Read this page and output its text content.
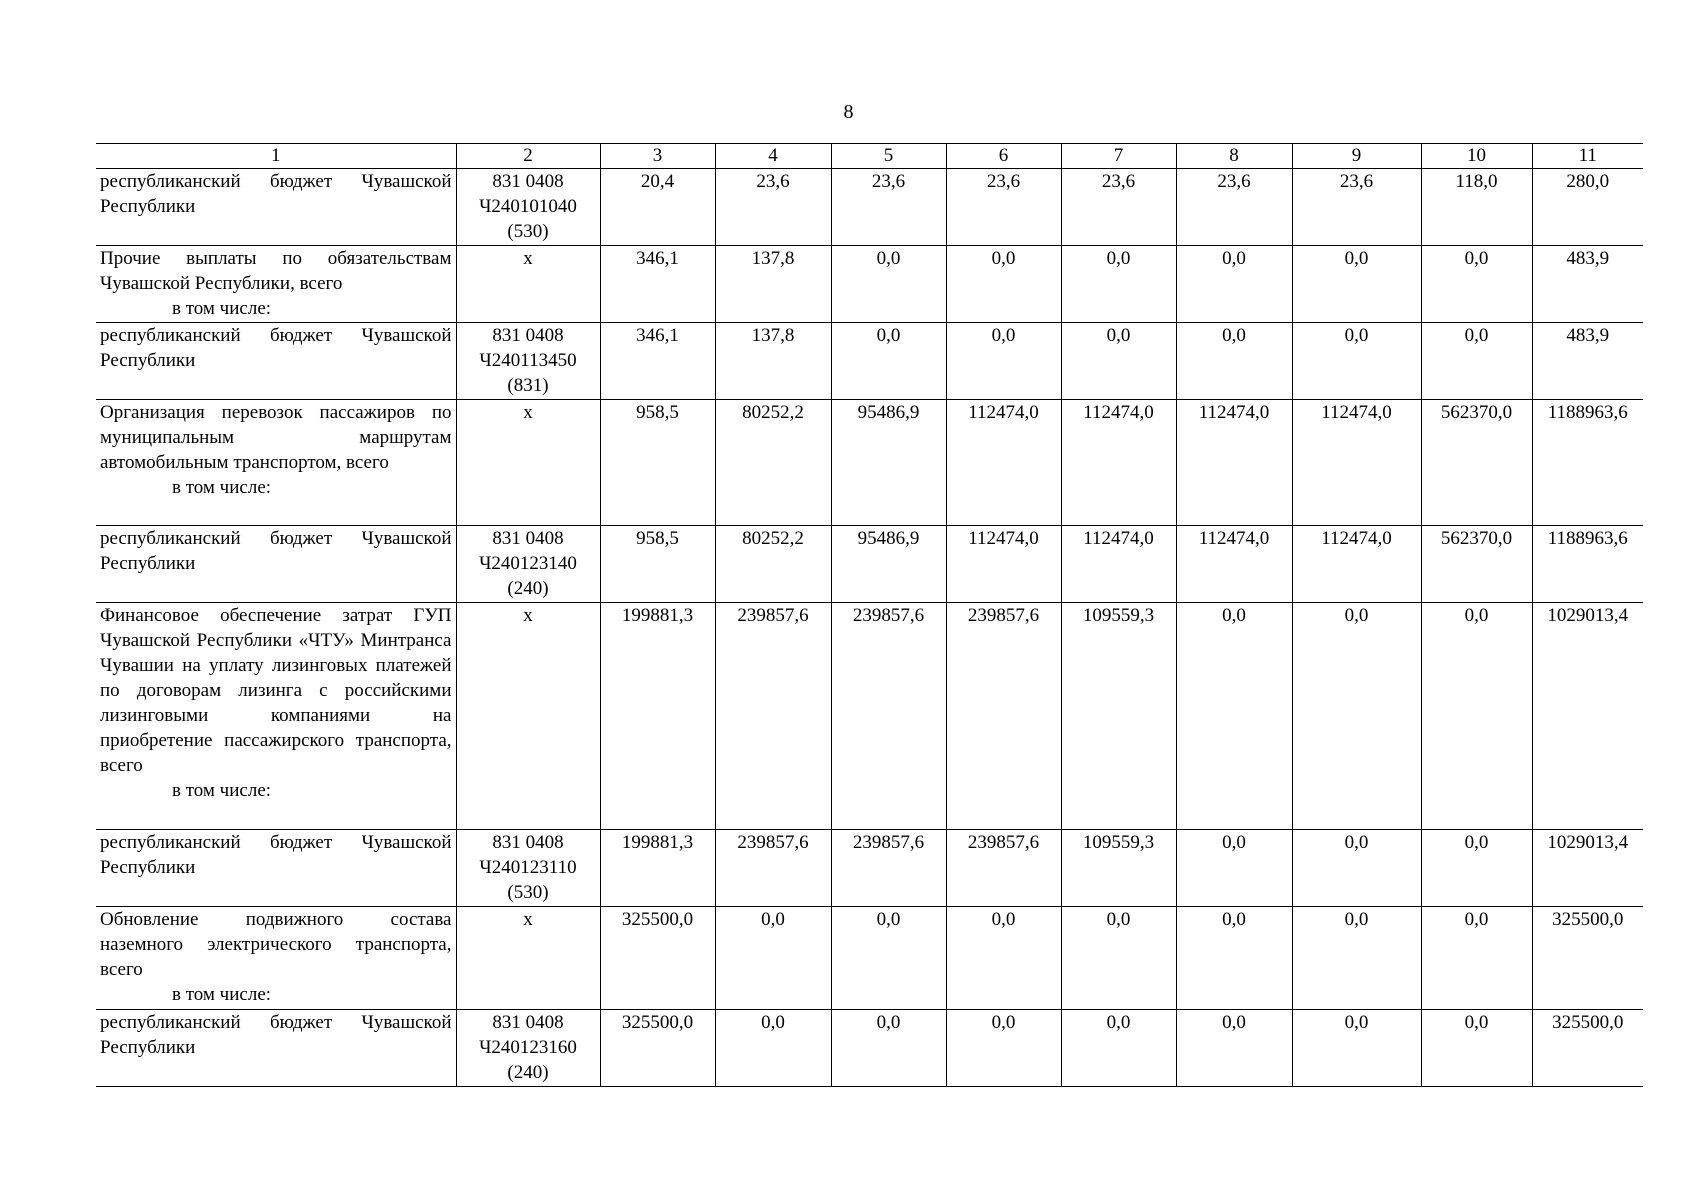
8
1	2	3	4	5	6	7	8	9	10	11
республиканский бюджет Чувашской Республики	831 0408
Ч240101040
(530)	20,4	23,6	23,6	23,6	23,6	23,6	23,6	118,0	280,0
Прочие выплаты по обязательствам Чувашской Республики, всего
в том числе:	x	346,1	137,8	0,0	0,0	0,0	0,0	0,0	0,0	483,9
республиканский бюджет Чувашской Республики	831 0408
Ч240113450
(831)	346,1	137,8	0,0	0,0	0,0	0,0	0,0	0,0	483,9
Организация перевозок пассажиров по муниципальным маршрутам автомобильным транспортом, всего
в том числе:	x	958,5	80252,2	95486,9	112474,0	112474,0	112474,0	112474,0	562370,0	1188963,6
республиканский бюджет Чувашской Республики	831 0408
Ч240123140
(240)	958,5	80252,2	95486,9	112474,0	112474,0	112474,0	112474,0	562370,0	1188963,6
Финансовое обеспечение затрат ГУП Чувашской Республики «ЧТУ» Минтранса Чувашии на уплату лизинговых платежей по договорам лизинга с российскими лизинговыми компаниями на приобретение пассажирского транспорта, всего
в том числе:	x	199881,3	239857,6	239857,6	239857,6	109559,3	0,0	0,0	0,0	1029013,4
республиканский бюджет Чувашской Республики	831 0408
Ч240123110
(530)	199881,3	239857,6	239857,6	239857,6	109559,3	0,0	0,0	0,0	1029013,4
Обновление подвижного состава наземного электрического транспорта, всего
в том числе:	x	325500,0	0,0	0,0	0,0	0,0	0,0	0,0	0,0	325500,0
республиканский бюджет Чувашской Республики	831 0408
Ч240123160
(240)	325500,0	0,0	0,0	0,0	0,0	0,0	0,0	0,0	325500,0
